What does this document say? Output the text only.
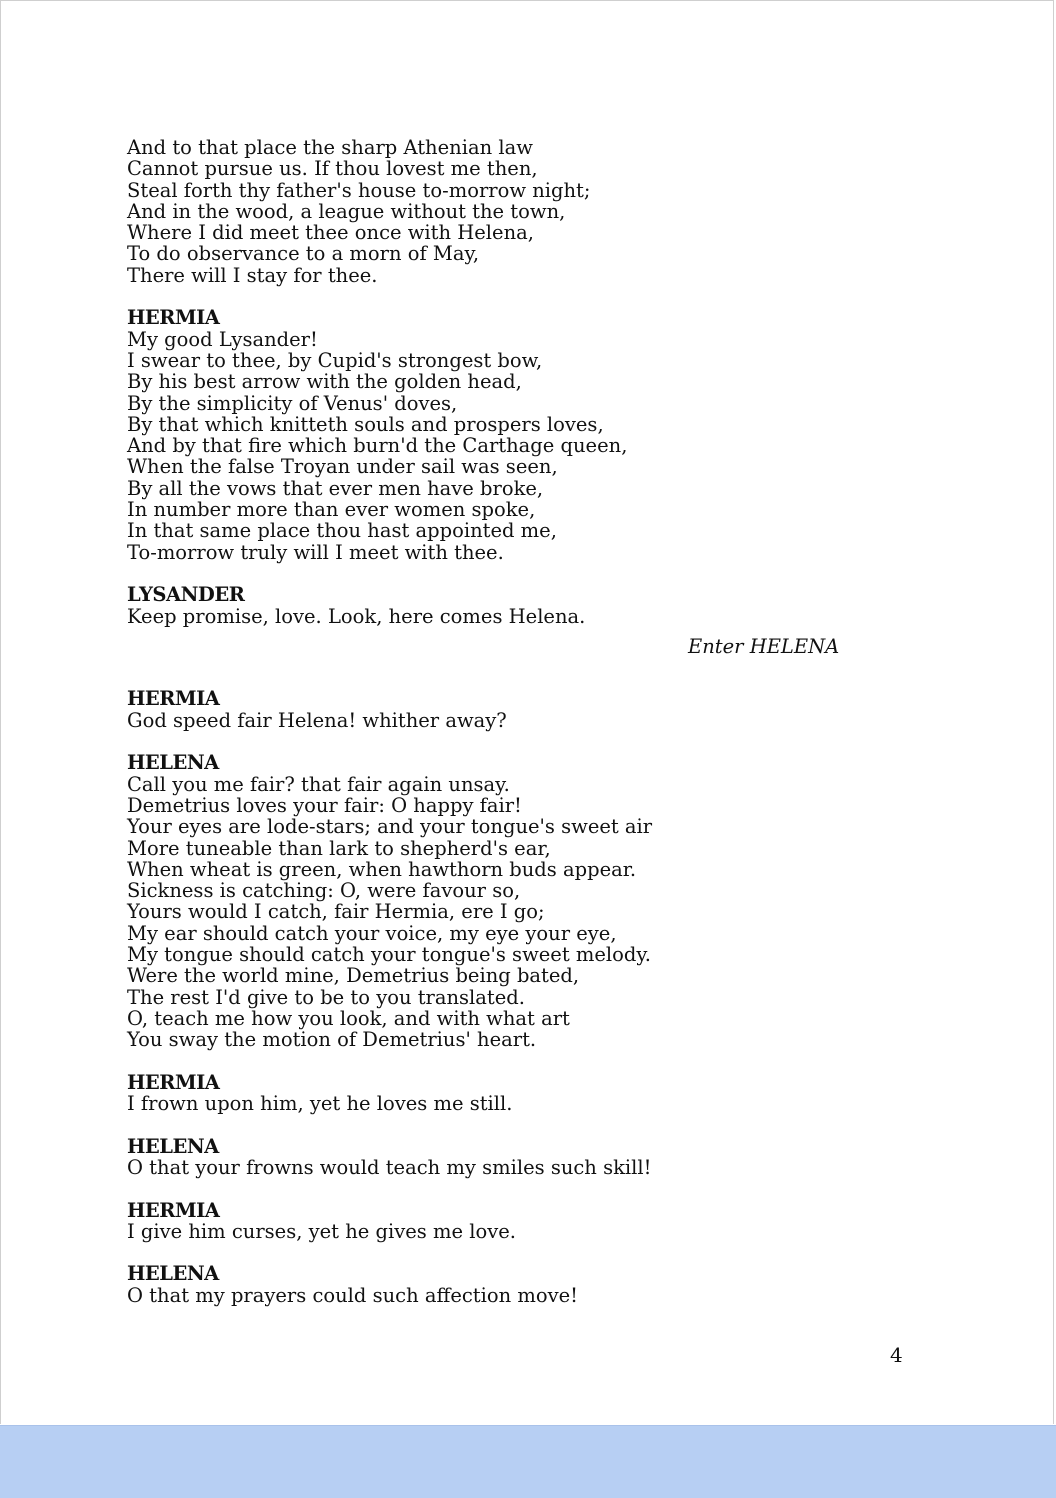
And to that place the sharp Athenian law
Cannot pursue us. If thou lovest me then,
Steal forth thy father's house to-morrow night;
And in the wood, a league without the town,
Where I did meet thee once with Helena,
To do observance to a morn of May,
There will I stay for thee.
HERMIA
My good Lysander!
I swear to thee, by Cupid's strongest bow,
By his best arrow with the golden head,
By the simplicity of Venus' doves,
By that which knitteth souls and prospers loves,
And by that fire which burn'd the Carthage queen,
When the false Troyan under sail was seen,
By all the vows that ever men have broke,
In number more than ever women spoke,
In that same place thou hast appointed me,
To-morrow truly will I meet with thee.
LYSANDER
Keep promise, love. Look, here comes Helena.
Enter HELENA
HERMIA
God speed fair Helena! whither away?
HELENA
Call you me fair? that fair again unsay.
Demetrius loves your fair: O happy fair!
Your eyes are lode-stars; and your tongue's sweet air
More tuneable than lark to shepherd's ear,
When wheat is green, when hawthorn buds appear.
Sickness is catching: O, were favour so,
Yours would I catch, fair Hermia, ere I go;
My ear should catch your voice, my eye your eye,
My tongue should catch your tongue's sweet melody.
Were the world mine, Demetrius being bated,
The rest I'd give to be to you translated.
O, teach me how you look, and with what art
You sway the motion of Demetrius' heart.
HERMIA
I frown upon him, yet he loves me still.
HELENA
O that your frowns would teach my smiles such skill!
HERMIA
I give him curses, yet he gives me love.
HELENA
O that my prayers could such affection move!
4
